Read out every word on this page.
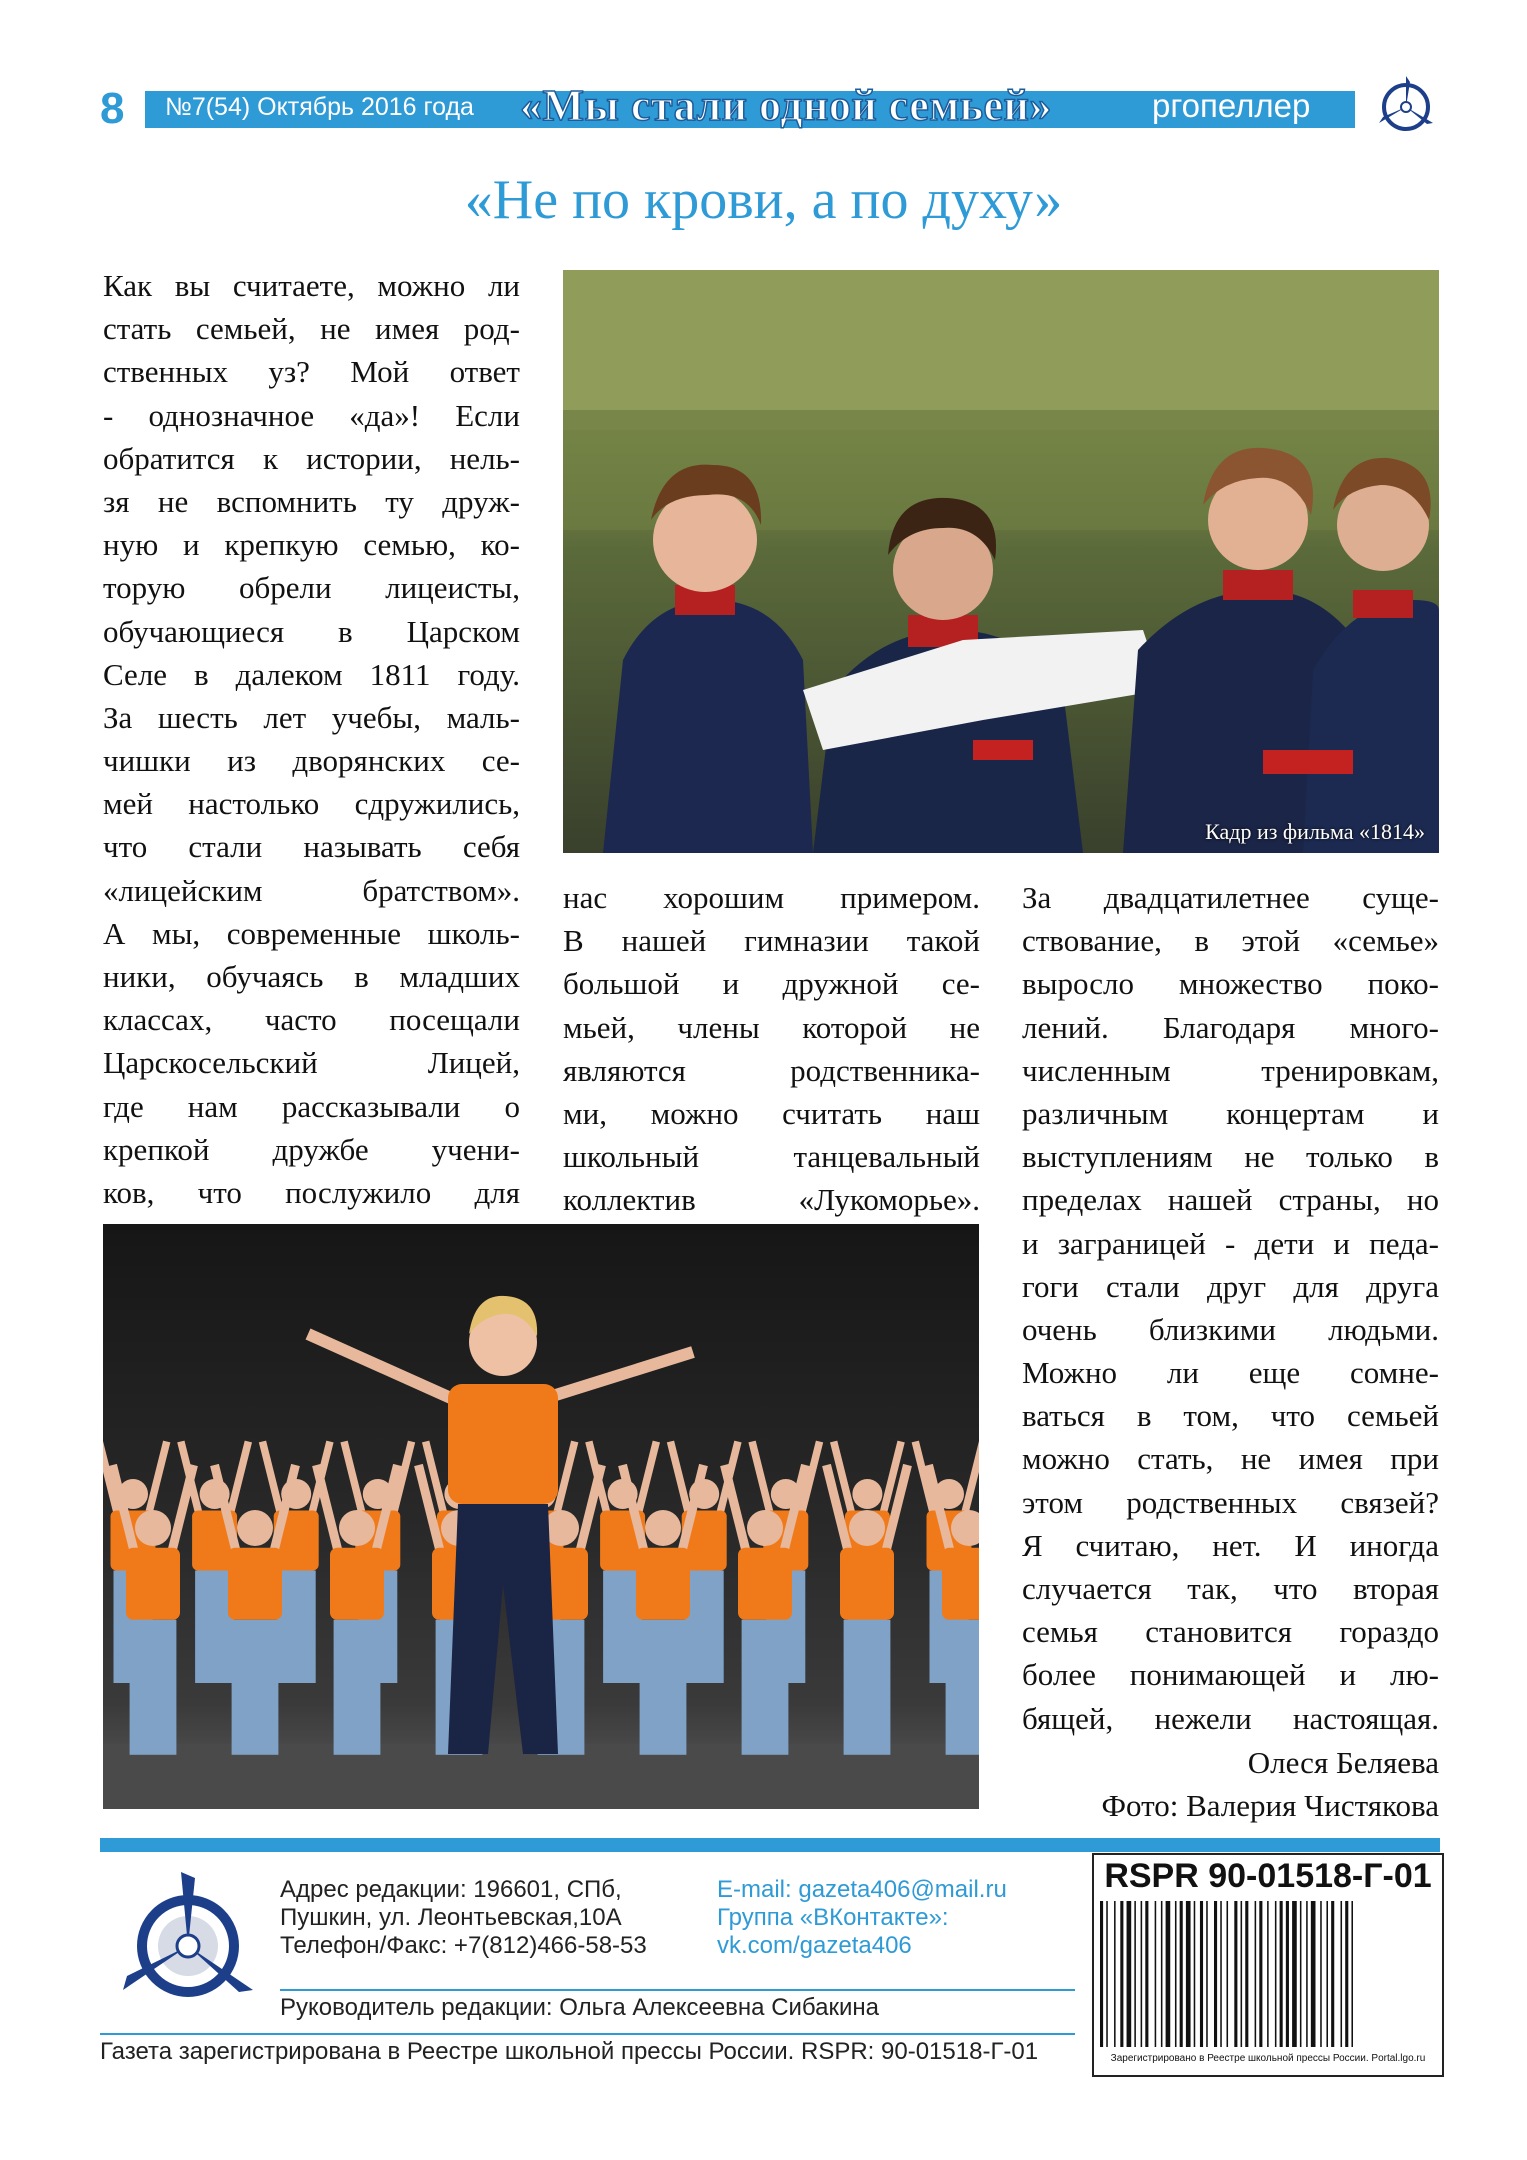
8 №7(54) Октябрь 2016 года «Мы стали одной семьей»	ргопеллер
«Не по крови, а по духу»
Как вы считаете, можно ли
стать семьей, не имея род-
ственных уз? Мой ответ
- однозначное «да»! Если
обратится к истории, нель-
зя не вспомнить ту друж-
ную и крепкую семью, ко-
торую обрели лицеисты,
обучающиеся в Царском
Селе в далеком 1811 году.
За шесть лет учебы, маль-
чишки из дворянских се-
мей настолько сдружились,
что стали называть себя
«лицейским	братством».
А мы, современные школь-
ники, обучаясь в младших
классах, часто посещали
Царскосельский	Лицей,
где нам рассказывали о
крепкой дружбе учени-
ков, что послужило для
Кадр из фильма «1814»
нас хорошим примером.
В нашей гимназии такой
большой и дружной се-
мьей, члены которой не
являются	родственника-
ми, можно считать наш
школьный	танцевальный
коллектив	«Лукоморье».
За двадцатилетнее суще-
ствование, в этой «семье»
выросло множество поко-
лений. Благодаря много-
численным	тренировкам,
различным концертам и
выступлениям не только в
пределах нашей страны, но
и заграницей - дети и педа-
гоги стали друг для друга
очень близкими людьми.
Можно ли еще сомне-
ваться в том, что семьей
можно стать, не имея при
этом родственных связей?
Я считаю, нет. И иногда
случается так, что вторая
семья становится гораздо
более понимающей и лю-
бящей, нежели настоящая.
Олеся Беляева
Фото: Валерия Чистякова
Адрес редакции: 196601, СПб,
Пушкин, ул. Леонтьевская,10А
Телефон/Факс: +7(812)466-58-53
E-mail: gazeta406@mail.ru
Группа «ВКонтакте»:
vk.com/gazeta406
Руководитель редакции: Ольга Алексеевна Сибакина
Газета зарегистрирована в Реестре школьной прессы России. RSPR: 90-01518-Г-01
RSPR 90-01518-Г-01
Зарегистрировано в Реестре школьной прессы России. Portal.lgo.ru
